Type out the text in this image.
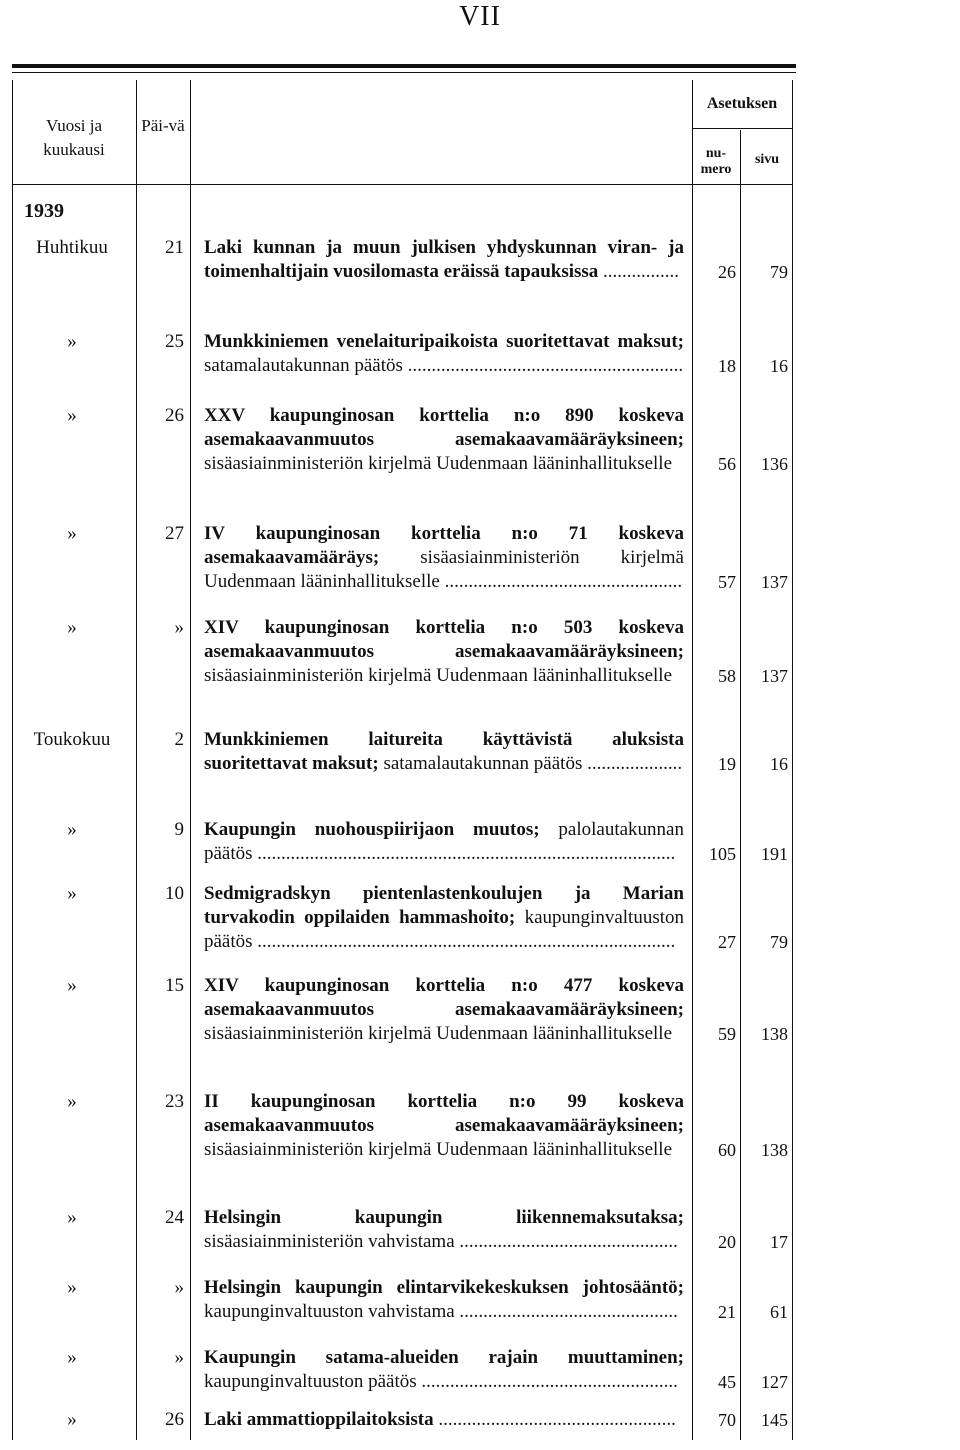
VII
Vuosi ja kuukausi
Päi-vä
Asetuksen
nu-mero
sivu
1939
Huhtikuu	21 Laki kunnan ja muun julkisen yhdyskunnan viran- ja toimenhaltijain vuosilomasta eräissä tapauksissa ................	26	79
»	25 Munkkiniemen venelaituripaikoista suoritettavat maksut; satamalautakunnan päätös ..........................................................	18	16
»	26 XXV kaupunginosan korttelia n:o 890 koskeva asemakaavanmuutos asemakaavamääräyksineen; sisäasiainministeriön kirjelmä Uudenmaan lääninhallitukselle	56	136
»	27 IV kaupunginosan korttelia n:o 71 koskeva asemakaavamääräys; sisäasiainministeriön kirjelmä Uudenmaan lääninhallitukselle ..................................................	57	137
»	» XIV kaupunginosan korttelia n:o 503 koskeva asemakaavanmuutos asemakaavamääräyksineen; sisäasiainministeriön kirjelmä Uudenmaan lääninhallitukselle	58	137
Toukokuu	2 Munkkiniemen laitureita käyttävistä aluksista suoritettavat maksut; satamalautakunnan päätös ....................	19	16
»	9 Kaupungin nuohouspiirijaon muutos; palolautakunnan päätös ........................................................................................	105	191
»	10 Sedmigradskyn pientenlastenkoulujen ja Marian turvakodin oppilaiden hammashoito; kaupunginvaltuuston päätös ........................................................................................	27	79
»	15 XIV kaupunginosan korttelia n:o 477 koskeva asemakaavanmuutos asemakaavamääräyksineen; sisäasiainministeriön kirjelmä Uudenmaan lääninhallitukselle	59	138
»	23 II kaupunginosan korttelia n:o 99 koskeva asemakaavanmuutos asemakaavamääräyksineen; sisäasiainministeriön kirjelmä Uudenmaan lääninhallitukselle	60	138
»	24 Helsingin kaupungin liikennemaksutaksa; sisäasiainministeriön vahvistama ..............................................	20	17
»	» Helsingin kaupungin elintarvikekeskuksen johtosääntö; kaupunginvaltuuston vahvistama ..............................................	21	61
»	» Kaupungin satama-alueiden rajain muuttaminen; kaupunginvaltuuston päätös ......................................................	45	127
»	26 Laki ammattioppilaitoksista ..................................................	70	145
